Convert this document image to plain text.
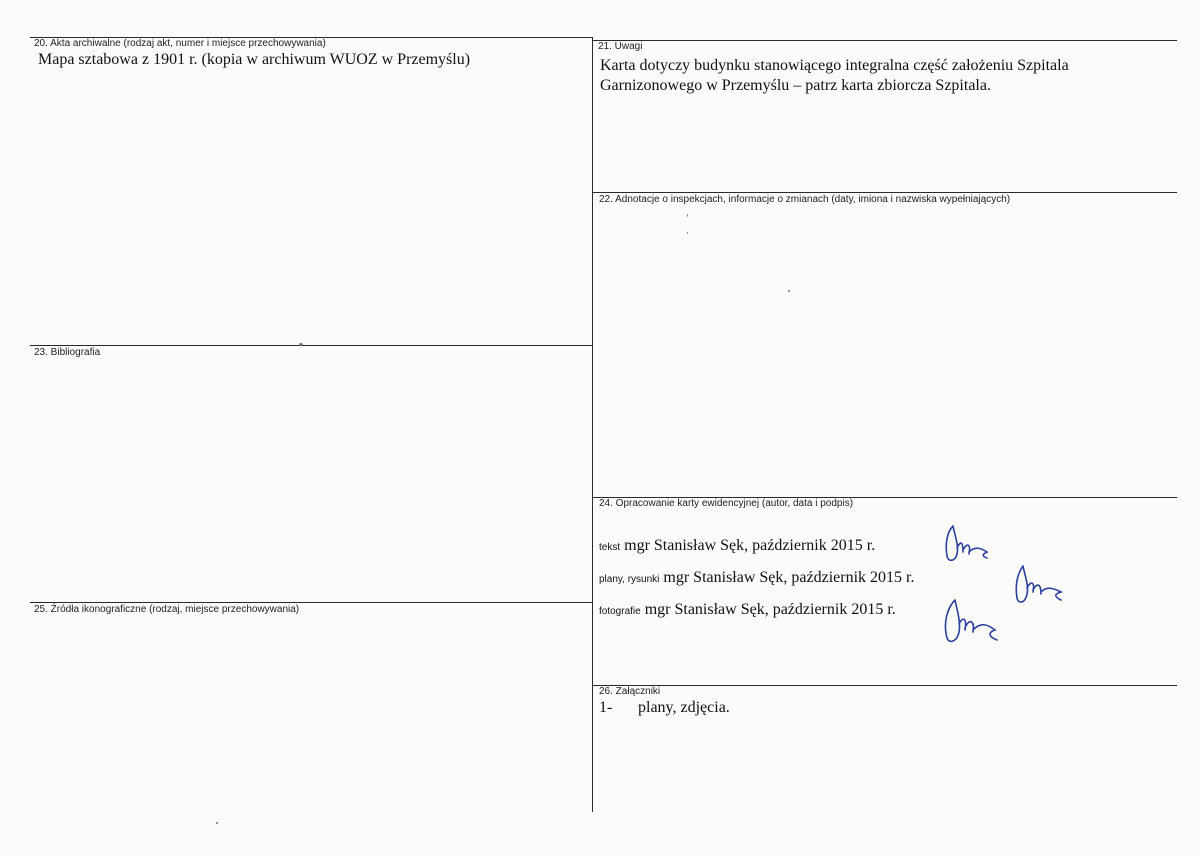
20. Akta archiwalne (rodzaj akt, numer i miejsce przechowywania)
Mapa sztabowa z 1901 r. (kopia w archiwum WUOZ w Przemyślu)
21. Uwagi
Karta dotyczy budynku stanowiącego integralna część założeniu Szpitala
Garnizonowego w Przemyślu – patrz karta zbiorcza Szpitala.
22. Adnotacje o inspekcjach, informacje o zmianach (daty, imiona i nazwiska wypełniających)
23. Bibliografia
24. Opracowanie karty ewidencyjnej (autor, data i podpis)
tekst mgr Stanisław Sęk, październik 2015 r.
plany, rysunki mgr Stanisław Sęk, październik 2015 r.
fotografie mgr Stanisław Sęk, październik 2015 r.
25. Źródła ikonograficzne (rodzaj, miejsce przechowywania)
26. Załączniki
1- plany, zdjęcia.
